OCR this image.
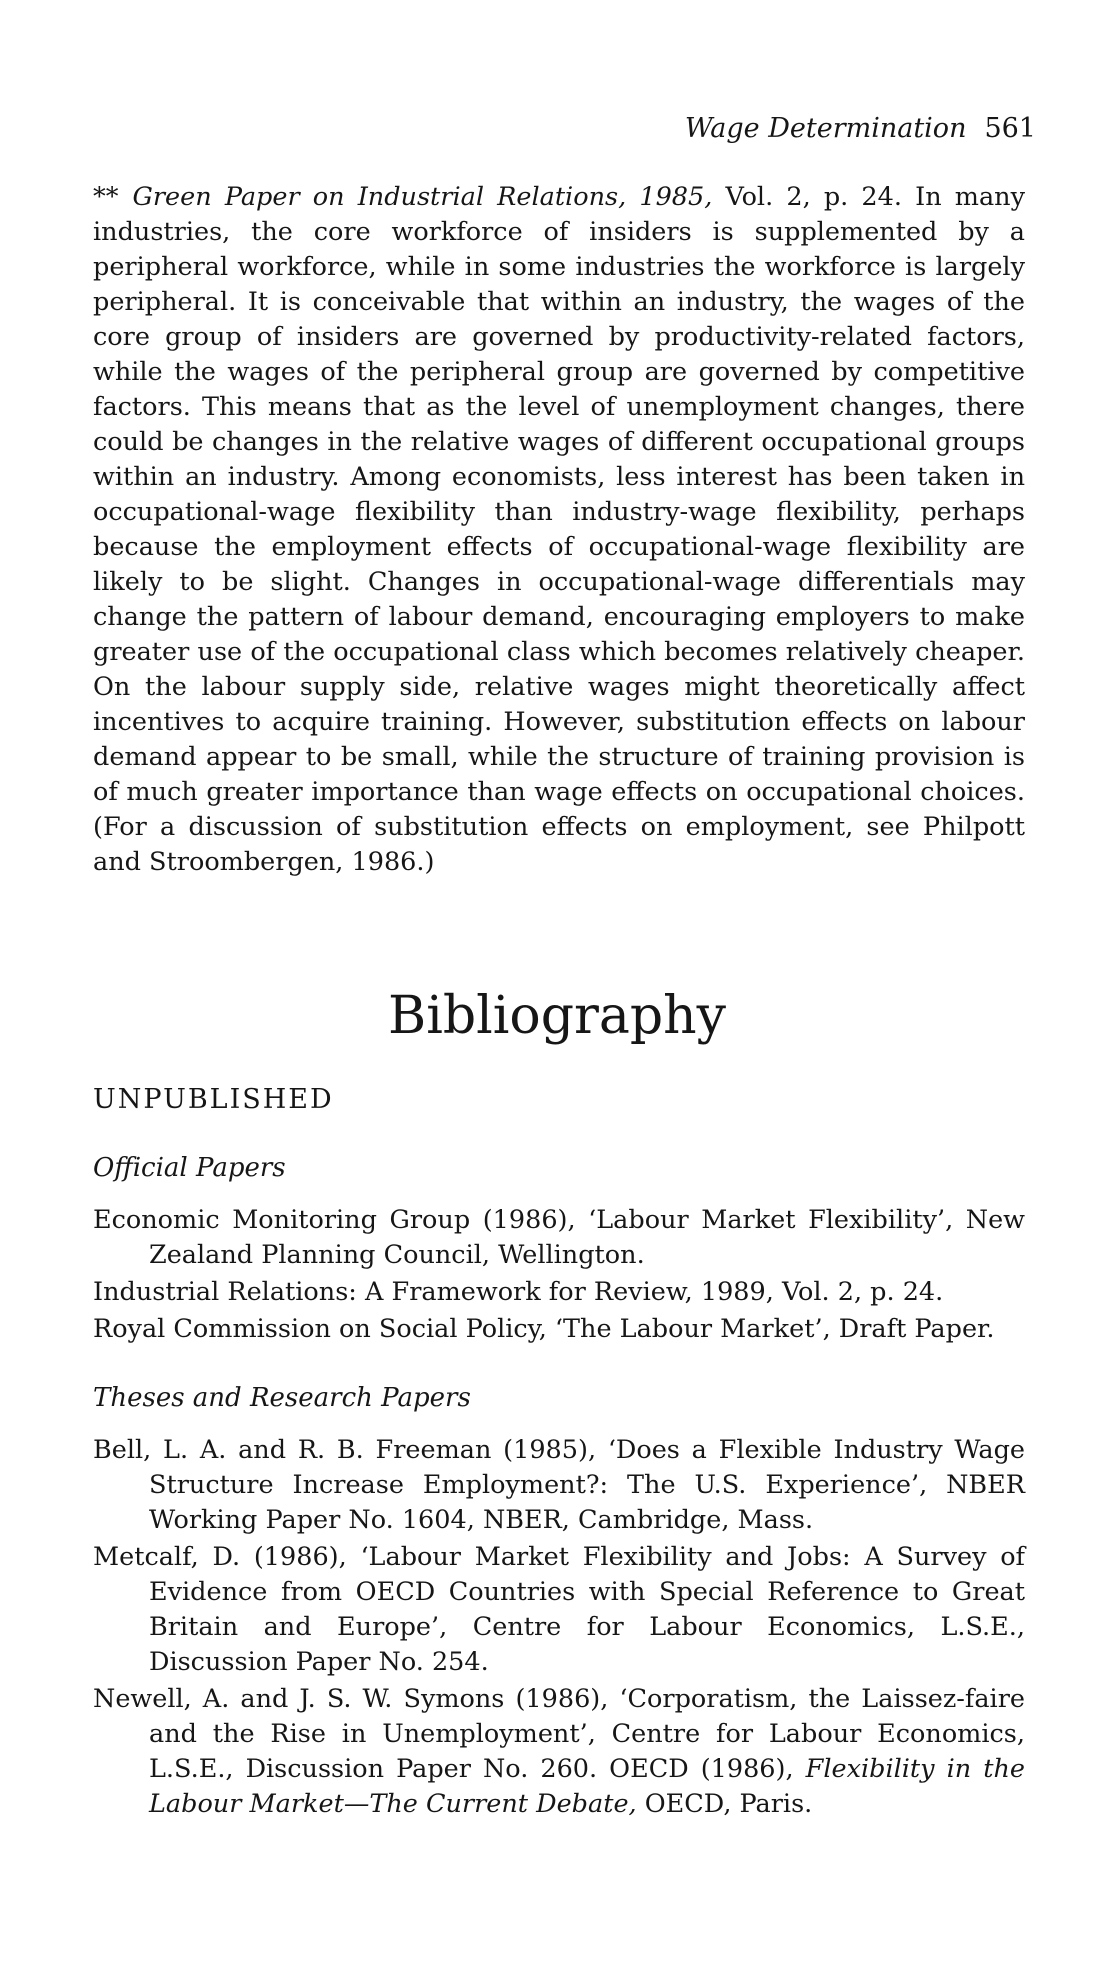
Wage Determination 561

** Green Paper on Industrial Relations, 1985, Vol. 2, p. 24. In many industries, the core workforce of insiders is supplemented by a peripheral workforce, while in some industries the workforce is largely peripheral. It is conceivable that within an industry, the wages of the core group of insiders are governed by productivity-related factors, while the wages of the peripheral group are governed by competitive factors. This means that as the level of unemployment changes, there could be changes in the relative wages of different occupational groups within an industry. Among economists, less interest has been taken in occupational-wage flexibility than industry-wage flexibility, perhaps because the employment effects of occupational-wage flexibility are likely to be slight. Changes in occupational-wage differentials may change the pattern of labour demand, encouraging employers to make greater use of the occupational class which becomes relatively cheaper. On the labour supply side, relative wages might theoretically affect incentives to acquire training. However, substitution effects on labour demand appear to be small, while the structure of training provision is of much greater importance than wage effects on occupational choices. (For a discussion of substitution effects on employment, see Philpott and Stroombergen, 1986.)

Bibliography
UNPUBLISHED
Official Papers
Economic Monitoring Group (1986), ‘Labour Market Flexibility’, New Zealand Planning Council, Wellington.
Industrial Relations: A Framework for Review, 1989, Vol. 2, p. 24.
Royal Commission on Social Policy, ‘The Labour Market’, Draft Paper.
Theses and Research Papers
Bell, L. A. and R. B. Freeman (1985), ‘Does a Flexible Industry Wage Structure Increase Employment?: The U.S. Experience’, NBER Working Paper No. 1604, NBER, Cambridge, Mass.
Metcalf, D. (1986), ‘Labour Market Flexibility and Jobs: A Survey of Evidence from OECD Countries with Special Reference to Great Britain and Europe’, Centre for Labour Economics, L.S.E., Discussion Paper No. 254.
Newell, A. and J. S. W. Symons (1986), ‘Corporatism, the Laissez-faire and the Rise in Unemployment’, Centre for Labour Economics, L.S.E., Discussion Paper No. 260. OECD (1986), Flexibility in the Labour Market—The Current Debate, OECD, Paris.
